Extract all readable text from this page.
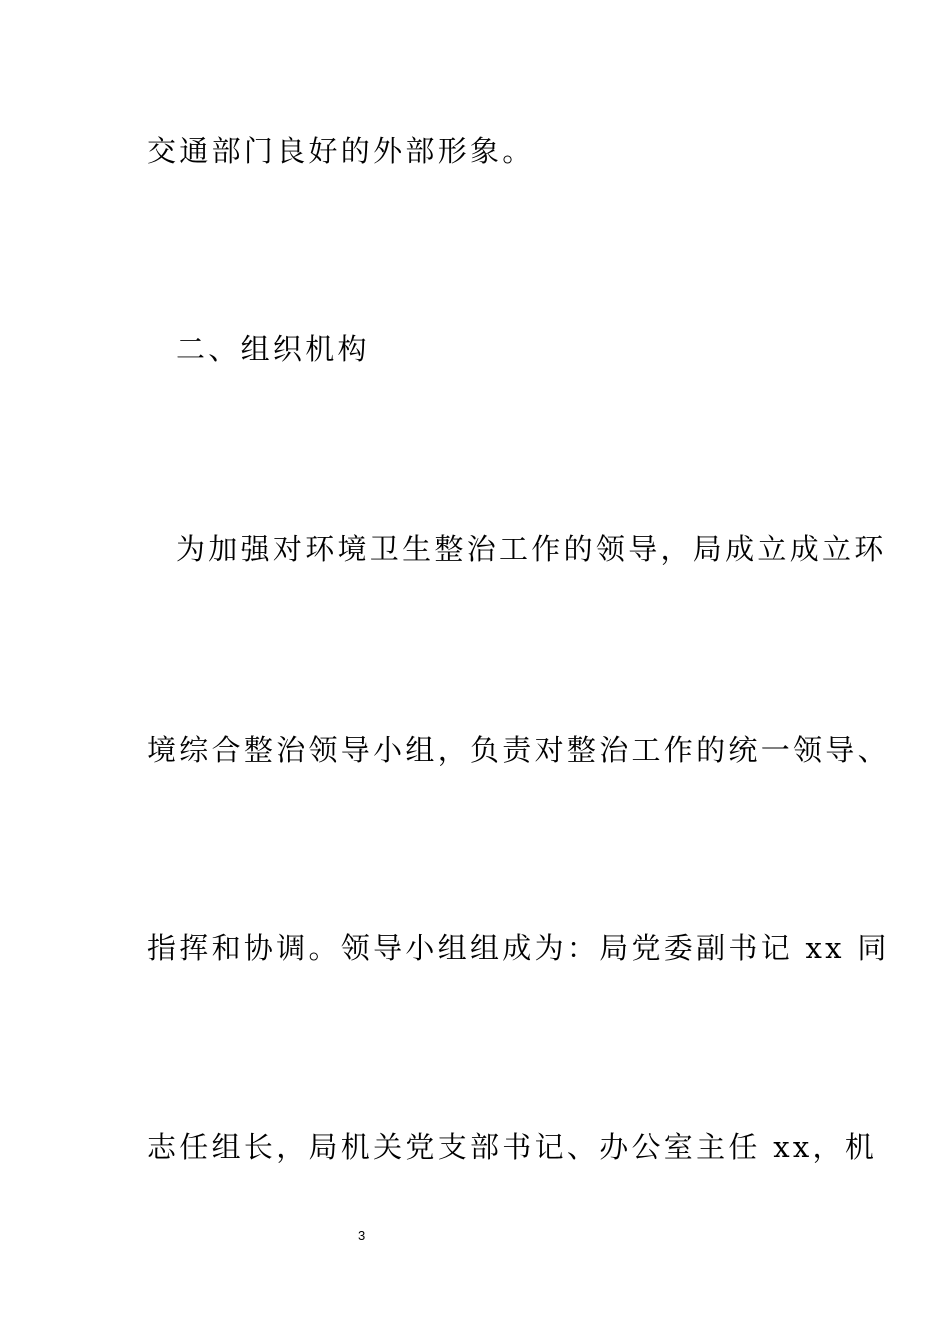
交通部门良好的外部形象。
二、组织机构
为加强对环境卫生整治工作的领导，局成立成立环
境综合整治领导小组，负责对整治工作的统一领导、
指挥和协调。领导小组组成为：局党委副书记 xx 同
志任组长，局机关党支部书记、办公室主任 xx，机
3
